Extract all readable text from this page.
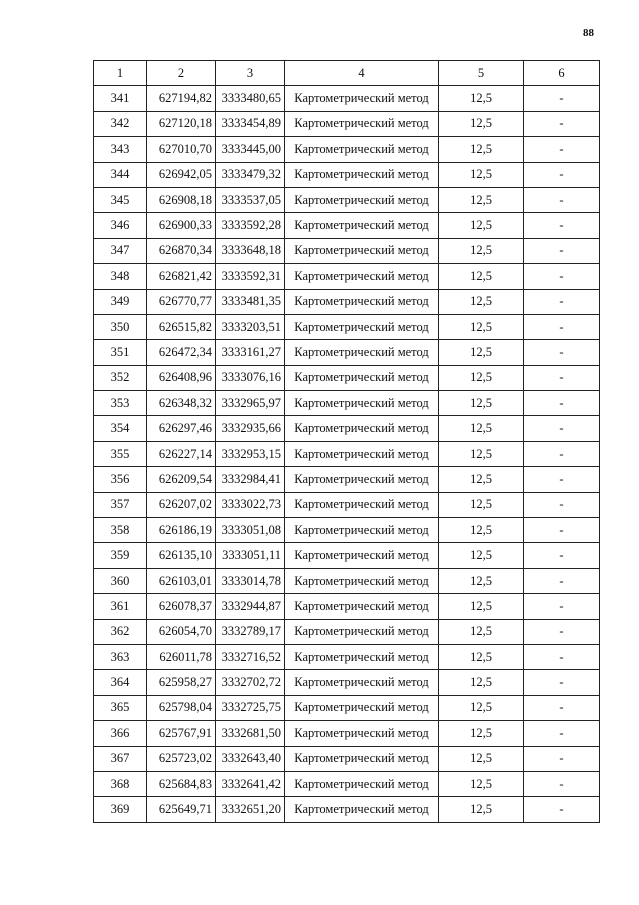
88
1	2	3	4	5	6
341	627194,82	3333480,65	Картометрический метод	12,5	-
342	627120,18	3333454,89	Картометрический метод	12,5	-
343	627010,70	3333445,00	Картометрический метод	12,5	-
344	626942,05	3333479,32	Картометрический метод	12,5	-
345	626908,18	3333537,05	Картометрический метод	12,5	-
346	626900,33	3333592,28	Картометрический метод	12,5	-
347	626870,34	3333648,18	Картометрический метод	12,5	-
348	626821,42	3333592,31	Картометрический метод	12,5	-
349	626770,77	3333481,35	Картометрический метод	12,5	-
350	626515,82	3333203,51	Картометрический метод	12,5	-
351	626472,34	3333161,27	Картометрический метод	12,5	-
352	626408,96	3333076,16	Картометрический метод	12,5	-
353	626348,32	3332965,97	Картометрический метод	12,5	-
354	626297,46	3332935,66	Картометрический метод	12,5	-
355	626227,14	3332953,15	Картометрический метод	12,5	-
356	626209,54	3332984,41	Картометрический метод	12,5	-
357	626207,02	3333022,73	Картометрический метод	12,5	-
358	626186,19	3333051,08	Картометрический метод	12,5	-
359	626135,10	3333051,11	Картометрический метод	12,5	-
360	626103,01	3333014,78	Картометрический метод	12,5	-
361	626078,37	3332944,87	Картометрический метод	12,5	-
362	626054,70	3332789,17	Картометрический метод	12,5	-
363	626011,78	3332716,52	Картометрический метод	12,5	-
364	625958,27	3332702,72	Картометрический метод	12,5	-
365	625798,04	3332725,75	Картометрический метод	12,5	-
366	625767,91	3332681,50	Картометрический метод	12,5	-
367	625723,02	3332643,40	Картометрический метод	12,5	-
368	625684,83	3332641,42	Картометрический метод	12,5	-
369	625649,71	3332651,20	Картометрический метод	12,5	-
